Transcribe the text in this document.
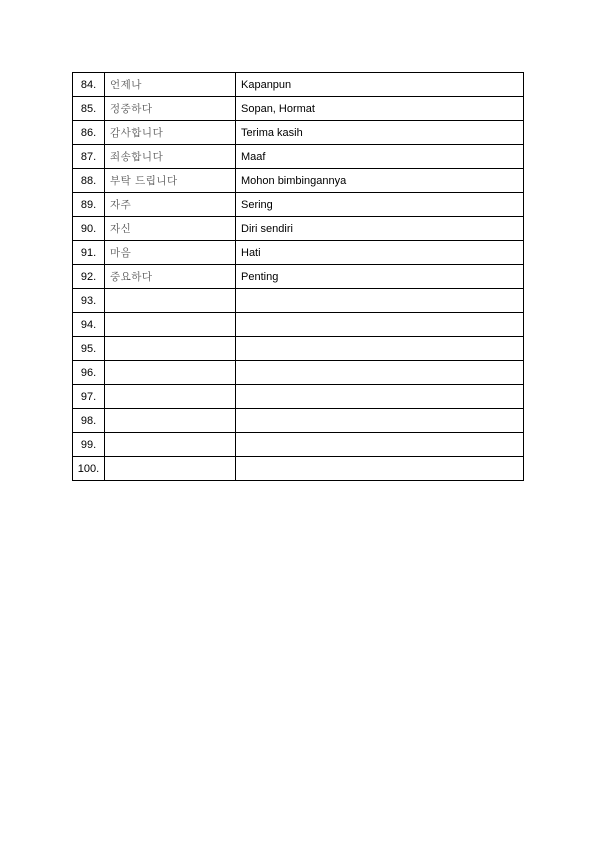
84.	언제나	Kapanpun
85.	정중하다	Sopan, Hormat
86.	감사합니다	Terima kasih
87.	죄송합니다	Maaf
88.	부탁 드립니다	Mohon bimbingannya
89.	자주	Sering
90.	자신	Diri sendiri
91.	마음	Hati
92.	중요하다	Penting
93.		
94.		
95.		
96.		
97.		
98.		
99.		
100.		
